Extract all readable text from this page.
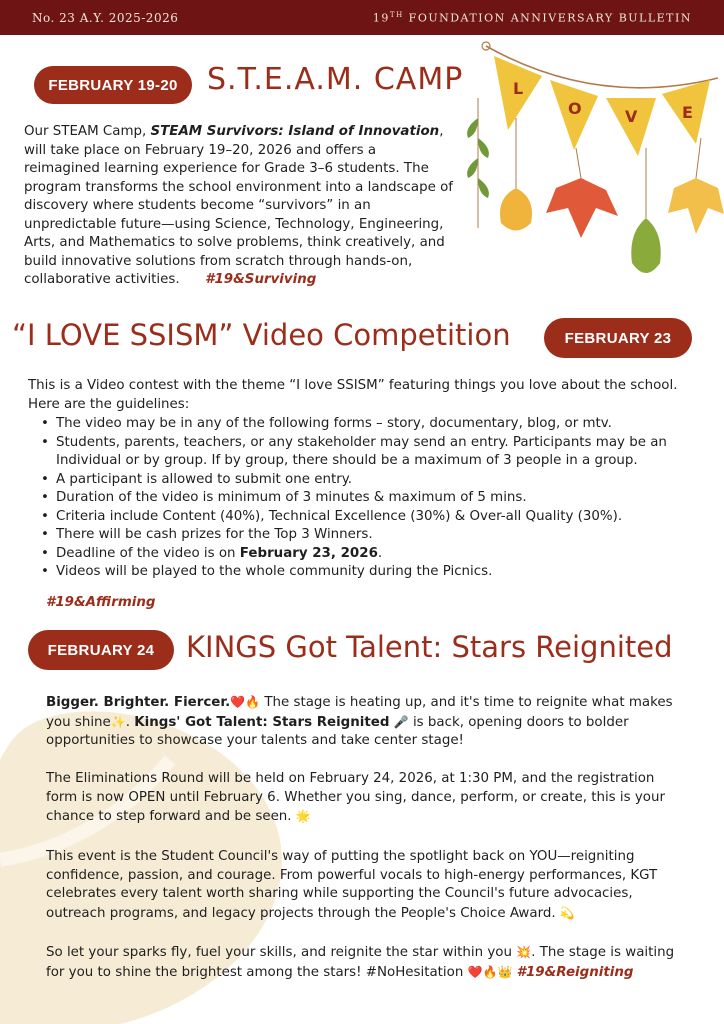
No. 23 A.Y. 2025-2026	19TH FOUNDATION ANNIVERSARY BULLETIN
L
O	V	E
FEBRUARY 19-20 S.T.E.A.M. CAMP
Our STEAM Camp, STEAM Survivors: Island of Innovation, will take place on February 19–20, 2026 and offers a reimagined learning experience for Grade 3–6 students. The program transforms the school environment into a landscape of discovery where students become “survivors” in an unpredictable future—using Science, Technology, Engineering, Arts, and Mathematics to solve problems, think creatively, and build innovative solutions from scratch through hands-on, collaborative activities. #19&Surviving
“I LOVE SSISM” Video Competition	FEBRUARY 23
This is a Video contest with the theme “I love SSISM” featuring things you love about the school. Here are the guidelines:
• The video may be in any of the following forms – story, documentary, blog, or mtv.
• Students, parents, teachers, or any stakeholder may send an entry. Participants may be an Individual or by group. If by group, there should be a maximum of 3 people in a group.
• A participant is allowed to submit one entry.
• Duration of the video is minimum of 3 minutes & maximum of 5 mins.
• Criteria include Content (40%), Technical Excellence (30%) & Over-all Quality (30%).
• There will be cash prizes for the Top 3 Winners.
• Deadline of the video is on February 23, 2026.
• Videos will be played to the whole community during the Picnics.
#19&Affirming
FEBRUARY 24	KINGS Got Talent: Stars Reignited
Bigger. Brighter. Fiercer.❤️🔥 The stage is heating up, and it's time to reignite what makes you shine✨. Kings' Got Talent: Stars Reignited 🎤 is back, opening doors to bolder opportunities to showcase your talents and take center stage!
The Eliminations Round will be held on February 24, 2026, at 1:30 PM, and the registration form is now OPEN until February 6. Whether you sing, dance, perform, or create, this is your chance to step forward and be seen. 🌟
This event is the Student Council's way of putting the spotlight back on YOU—reigniting confidence, passion, and courage. From powerful vocals to high-energy performances, KGT celebrates every talent worth sharing while supporting the Council's future advocacies, outreach programs, and legacy projects through the People's Choice Award. 💫
So let your sparks fly, fuel your skills, and reignite the star within you 💥. The stage is waiting for you to shine the brightest among the stars! #NoHesitation ❤️🔥👑 #19&Reigniting
